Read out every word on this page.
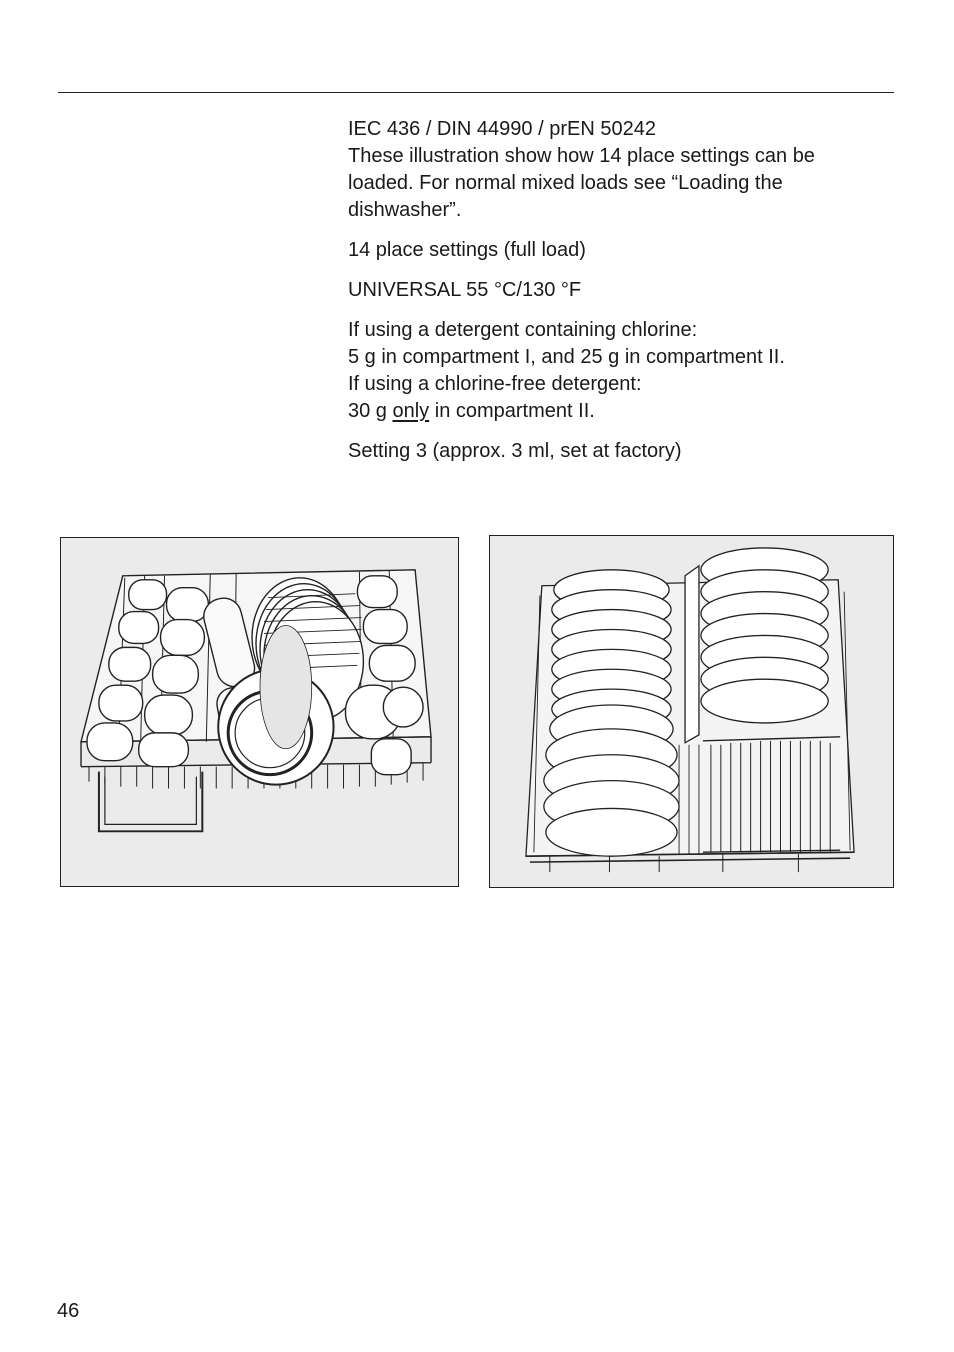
IEC 436 / DIN 44990 / prEN 50242
These illustration show how 14 place settings can be
loaded. For normal mixed loads see “Loading the
dishwasher”.

14 place settings (full load)

UNIVERSAL 55 °C/130 °F

If using a detergent containing chlorine:
5 g in compartment I, and 25 g in compartment II.
If using a chlorine-free detergent:
30 g only in compartment II.

Setting 3 (approx. 3 ml, set at factory)

46
